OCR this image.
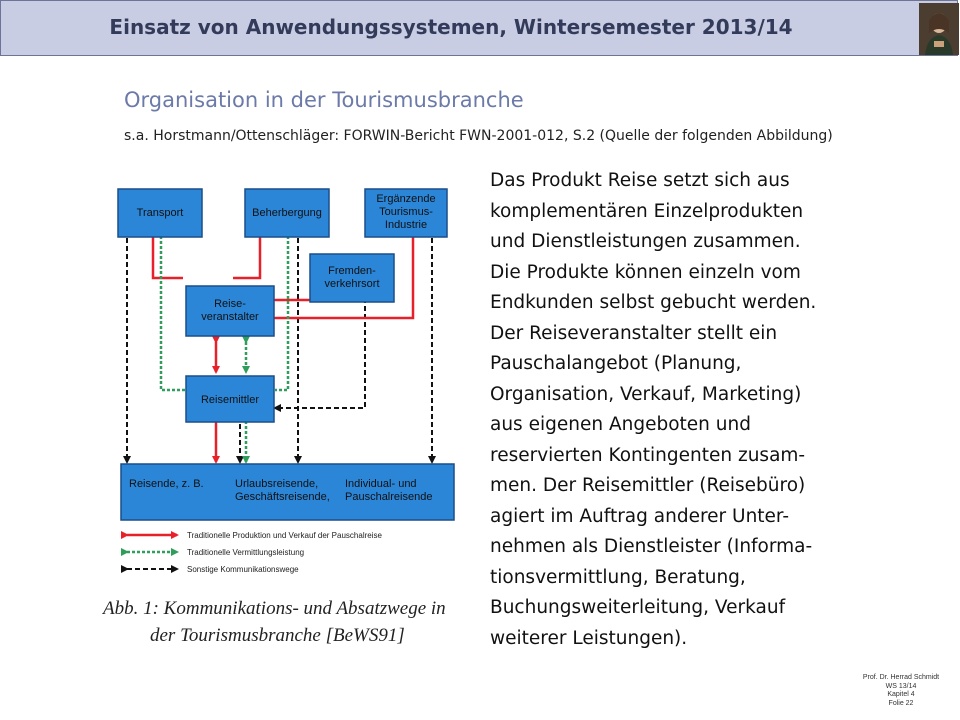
Einsatz von Anwendungssystemen, Wintersemester 2013/14
Organisation in der Tourismusbranche
s.a. Horstmann/Ottenschläger: FORWIN-Bericht FWN-2001-012, S.2 (Quelle der folgenden Abbildung)
Transport	Beherbergung
Ergänzende
Tourismus-
Industrie
Fremden-
verkehrsort
Reise-
veranstalter
Reisemittler
Reisende, z. B.	Urlaubsreisende,
Geschäftsreisende,
Individual- und
Pauschalreisende
Traditionelle Produktion und Verkauf der Pauschalreise
Traditionelle Vermittlungsleistung
Sonstige Kommunikationswege
Abb. 1: Kommunikations- und Absatzwege in
der Tourismusbranche [BeWS91]
Das Produkt Reise setzt sich aus
komplementären Einzelprodukten
und Dienstleistungen zusammen.
Die Produkte können einzeln vom
Endkunden selbst gebucht werden.
Der Reiseveranstalter stellt ein
Pauschalangebot (Planung,
Organisation, Verkauf, Marketing)
aus eigenen Angeboten und
reservierten Kontingenten zusam-
men. Der Reisemittler (Reisebüro)
agiert im Auftrag anderer Unter-
nehmen als Dienstleister (Informa-
tionsvermittlung, Beratung,
Buchungsweiterleitung, Verkauf
weiterer Leistungen).
Prof. Dr. Herrad Schmidt
WS 13/14
Kapitel 4
Folie 22
